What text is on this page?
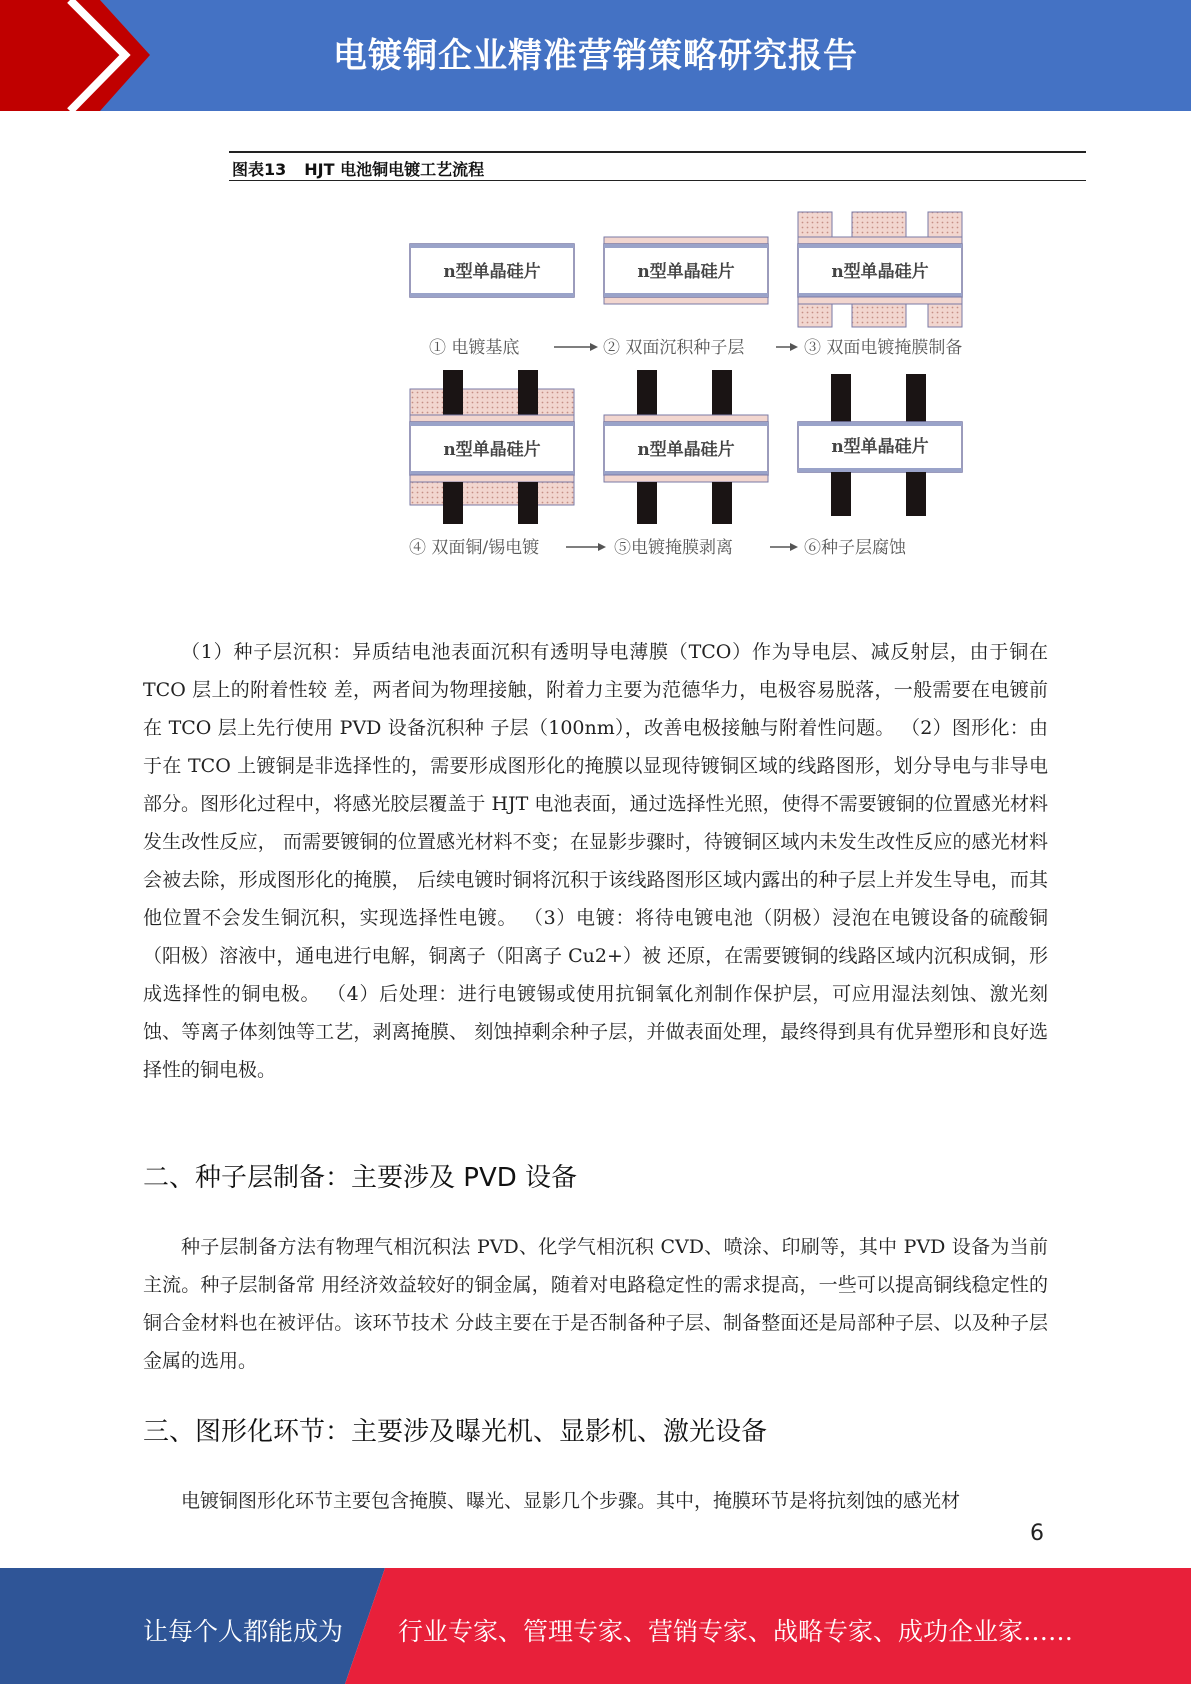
电镀铜企业精准营销策略研究报告
图表13 HJT 电池铜电镀工艺流程
n型单晶硅片	n型单晶硅片	n型单晶硅片
① 电镀基底	② 双面沉积种子层	③ 双面电镀掩膜制备
n型单晶硅片	n型单晶硅片	n型单晶硅片
④ 双面铜/锡电镀	⑤电镀掩膜剥离	⑥种子层腐蚀

（1）种子层沉积：异质结电池表面沉积有透明导电薄膜（TCO）作为导电层、减反射层，由于铜在 TCO 层上的附着性较 差，两者间为物理接触，附着力主要为范德华力，电极容易脱落，一般需要在电镀前在 TCO 层上先行使用 PVD 设备沉积种 子层（100nm），改善电极接触与附着性问题。 （2）图形化：由于在 TCO 上镀铜是非选择性的，需要形成图形化的掩膜以显现待镀铜区域的线路图形，划分导电与非导电 部分。图形化过程中，将感光胶层覆盖于 HJT 电池表面，通过选择性光照，使得不需要镀铜的位置感光材料发生改性反应， 而需要镀铜的位置感光材料不变；在显影步骤时，待镀铜区域内未发生改性反应的感光材料会被去除，形成图形化的掩膜， 后续电镀时铜将沉积于该线路图形区域内露出的种子层上并发生导电，而其他位置不会发生铜沉积，实现选择性电镀。 （3）电镀：将待电镀电池（阴极）浸泡在电镀设备的硫酸铜（阳极）溶液中，通电进行电解，铜离子（阳离子 Cu2+）被 还原，在需要镀铜的线路区域内沉积成铜，形成选择性的铜电极。 （4）后处理：进行电镀锡或使用抗铜氧化剂制作保护层，可应用湿法刻蚀、激光刻蚀、等离子体刻蚀等工艺，剥离掩膜、 刻蚀掉剩余种子层，并做表面处理，最终得到具有优异塑形和良好选择性的铜电极。

二、种子层制备：主要涉及 PVD 设备

种子层制备方法有物理气相沉积法 PVD、化学气相沉积 CVD、喷涂、印刷等，其中 PVD 设备为当前主流。种子层制备常 用经济效益较好的铜金属，随着对电路稳定性的需求提高，一些可以提高铜线稳定性的铜合金材料也在被评估。该环节技术 分歧主要在于是否制备种子层、制备整面还是局部种子层、以及种子层金属的选用。

三、图形化环节：主要涉及曝光机、显影机、激光设备

电镀铜图形化环节主要包含掩膜、曝光、显影几个步骤。其中，掩膜环节是将抗刻蚀的感光材

6
让每个人都能成为 行业专家、管理专家、营销专家、战略专家、成功企业家……
